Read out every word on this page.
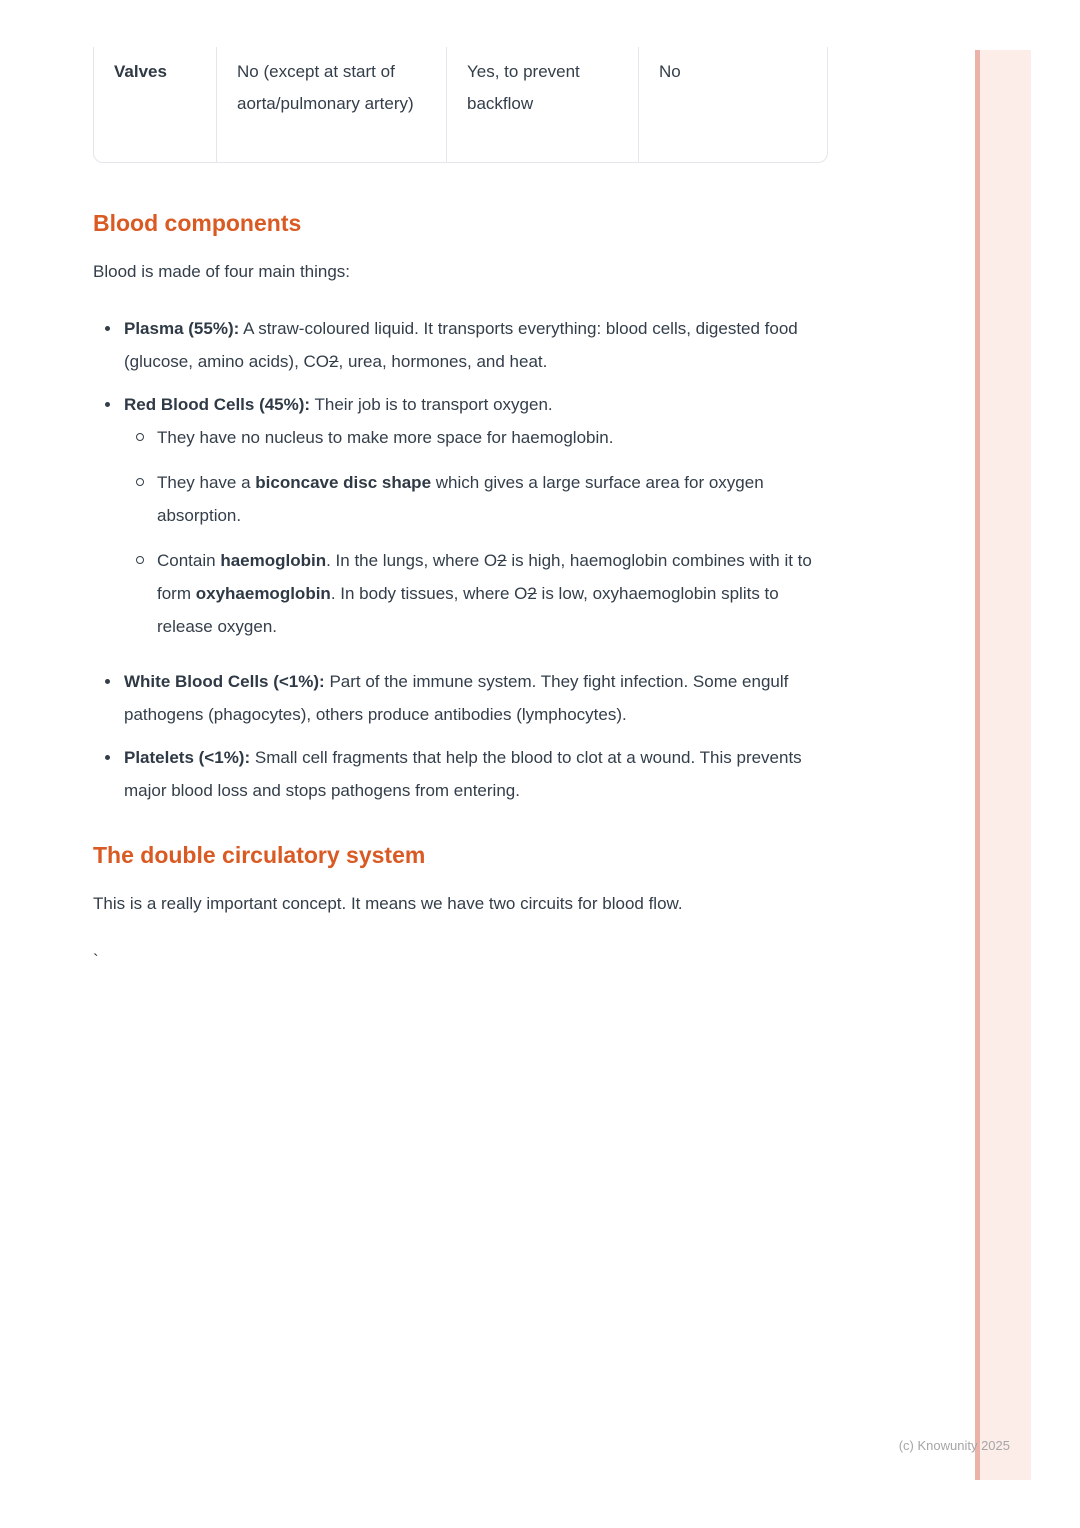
Valves	No (except at start of aorta/pulmonary artery)
Yes, to prevent backflow
No
Blood components

Blood is made of four main things:

Plasma (55%): A straw-coloured liquid. It transports everything: blood cells, digested food (glucose, amino acids), CO2, urea, hormones, and heat.
Red Blood Cells (45%): Their job is to transport oxygen.
They have no nucleus to make more space for haemoglobin.
They have a biconcave disc shape which gives a large surface area for oxygen absorption.
Contain haemoglobin. In the lungs, where O2 is high, haemoglobin combines with it to form oxyhaemoglobin. In body tissues, where O2 is low, oxyhaemoglobin splits to release oxygen.
White Blood Cells (<1%): Part of the immune system. They fight infection. Some engulf pathogens (phagocytes), others produce antibodies (lymphocytes).
Platelets (<1%): Small cell fragments that help the blood to clot at a wound. This prevents major blood loss and stops pathogens from entering.
The double circulatory system

This is a really important concept. It means we have two circuits for blood flow.

`
(c) Knowunity 2025
